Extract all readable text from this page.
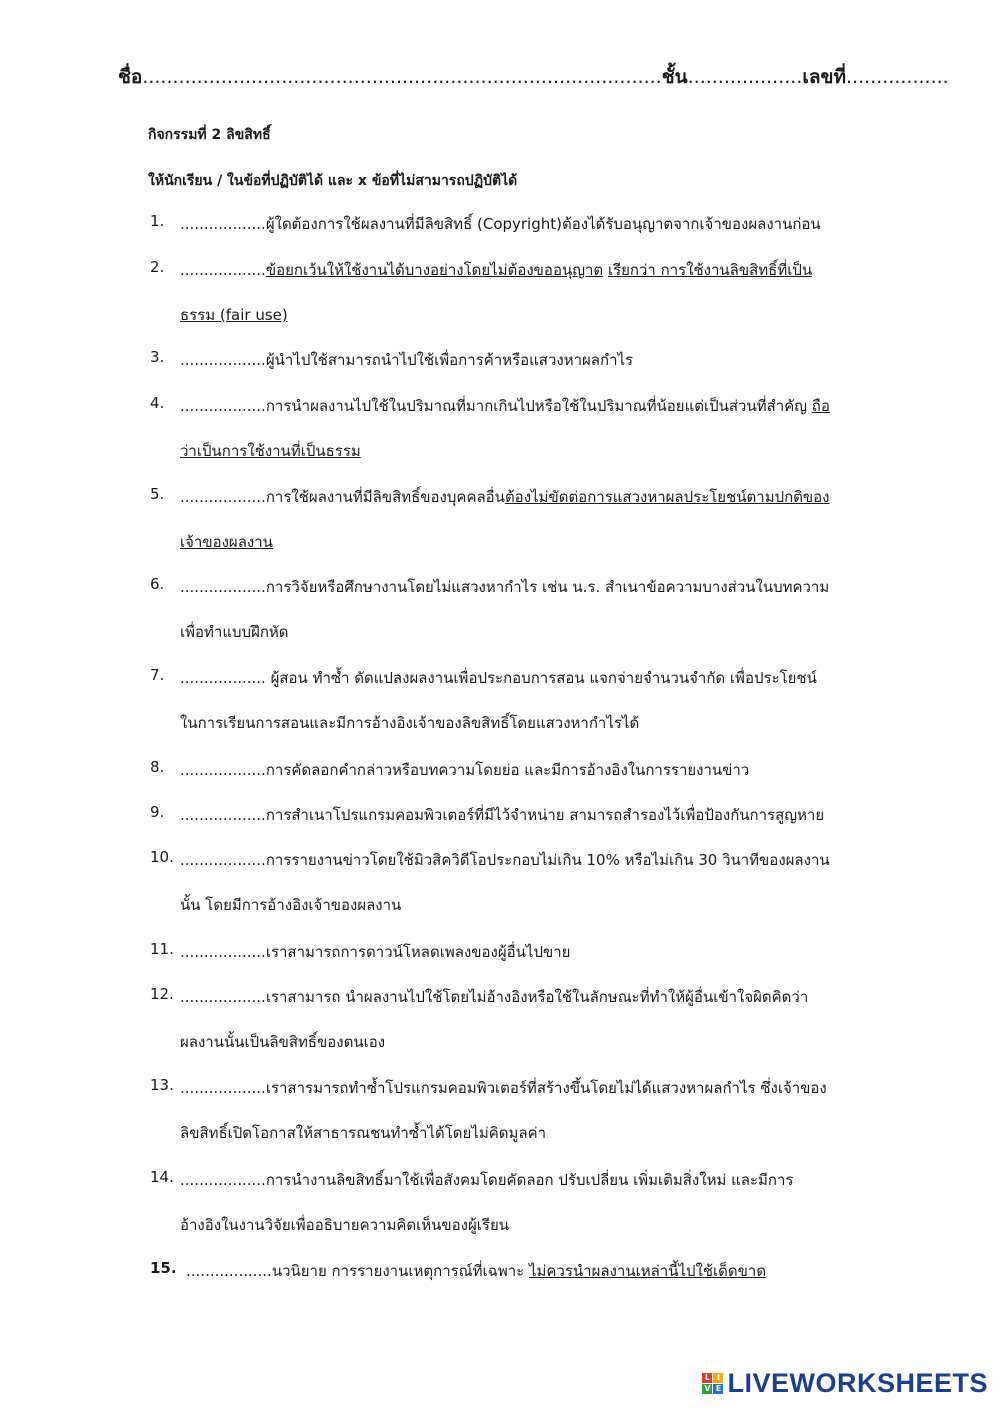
ชื่อ......................................................................................ชั้น...................เลขที่.................
กิจกรรมที่ 2 ลิขสิทธิ์
ให้นักเรียน / ในข้อที่ปฏิบัติได้ และ x ข้อที่ไม่สามารถปฏิบัติได้
1. ..................ผู้ใดต้องการใช้ผลงานที่มีลิขสิทธิ์ (Copyright)ต้องได้รับอนุญาตจากเจ้าของผลงานก่อน
2. ..................ข้อยกเว้นให้ใช้งานได้บางอย่างโดยไม่ต้องขออนุญาต เรียกว่า การใช้งานลิขสิทธิ์ที่เป็น
ธรรม (fair use)
3. ..................ผู้นำไปใช้สามารถนำไปใช้เพื่อการค้าหรือแสวงหาผลกำไร
4. ..................การนำผลงานไปใช้ในปริมาณที่มากเกินไปหรือใช้ในปริมาณที่น้อยแต่เป็นส่วนที่สำคัญ ถือ
ว่าเป็นการใช้งานที่เป็นธรรม
5. ..................การใช้ผลงานที่มีลิขสิทธิ์ของบุคคลอื่นต้องไม่ขัดต่อการแสวงหาผลประโยชน์ตามปกติของ
เจ้าของผลงาน
6. ..................การวิจัยหรือศึกษางานโดยไม่แสวงหากำไร เช่น น.ร. สำเนาข้อความบางส่วนในบทความ
เพื่อทำแบบฝึกหัด
7. .................. ผู้สอน ทำซ้ำ ดัดแปลงผลงานเพื่อประกอบการสอน แจกจ่ายจำนวนจำกัด เพื่อประโยชน์
ในการเรียนการสอนและมีการอ้างอิงเจ้าของลิขสิทธิ์โดยแสวงหากำไรได้
8. ..................การคัดลอกคำกล่าวหรือบทความโดยย่อ และมีการอ้างอิงในการรายงานข่าว
9. ..................การสำเนาโปรแกรมคอมพิวเตอร์ที่มีไว้จำหน่าย สามารถสำรองไว้เพื่อป้องกันการสูญหาย
10. ..................การรายงานข่าวโดยใช้มิวสิควิดีโอประกอบไม่เกิน 10% หรือไม่เกิน 30 วินาทีของผลงาน
นั้น โดยมีการอ้างอิงเจ้าของผลงาน
11. ..................เราสามารถการดาวน์โหลดเพลงของผู้อื่นไปขาย
12. ..................เราสามารถ นำผลงานไปใช้โดยไม่อ้างอิงหรือใช้ในลักษณะที่ทำให้ผู้อื่นเข้าใจผิดคิดว่า
ผลงานนั้นเป็นลิขสิทธิ์ของตนเอง
13. ..................เราสารมารถทำซ้ำโปรแกรมคอมพิวเตอร์ที่สร้างขึ้นโดยไม่ได้แสวงหาผลกำไร ซึ่งเจ้าของ
ลิขสิทธิ์เปิดโอกาสให้สาธารณชนทำซ้ำได้โดยไม่คิดมูลค่า
14. ..................การนำงานลิขสิทธิ์มาใช้เพื่อสังคมโดยคัดลอก ปรับเปลี่ยน เพิ่มเติมสิ่งใหม่ และมีการ
อ้างอิงในงานวิจัยเพื่ออธิบายความคิดเห็นของผู้เรียน
15. ..................นวนิยาย การรายงานเหตุการณ์ที่เฉพาะ ไม่ควรนำผลงานเหล่านี้ไปใช้เด็ดขาด
L I
V E LIVEWORKSHEETS
